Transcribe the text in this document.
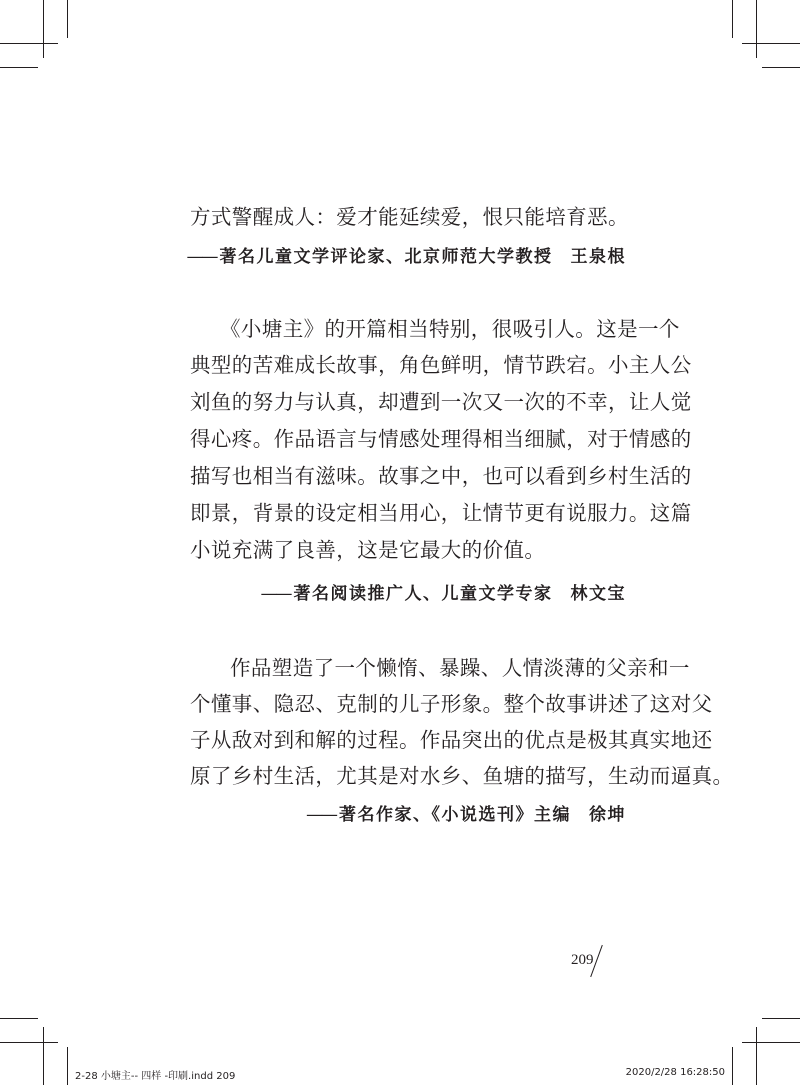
方式警醒成人：爱才能延续爱，恨只能培育恶。
—— 著名儿童文学评论家、北京师范大学教授 王泉根
《小塘主》的开篇相当特别，很吸引人。这是一个
典型的苦难成长故事，角色鲜明，情节跌宕。小主人公
刘鱼的努力与认真，却遭到一次又一次的不幸，让人觉
得心疼。作品语言与情感处理得相当细腻，对于情感的
描写也相当有滋味。故事之中，也可以看到乡村生活的
即景，背景的设定相当用心，让情节更有说服力。这篇
小说充满了良善，这是它最大的价值。
—— 著名阅读推广人、儿童文学专家 林文宝
作品塑造了一个懒惰、暴躁、人情淡薄的父亲和一
个懂事、隐忍、克制的儿子形象。整个故事讲述了这对父
子从敌对到和解的过程。作品突出的优点是极其真实地还
原了乡村生活，尤其是对水乡、鱼塘的描写，生动而逼真。
—— 著名作家、《小说选刊》主编 徐坤
209
2-28 小塘主-- 四样 -印刷.indd 209	2020/2/28 16:28:50
